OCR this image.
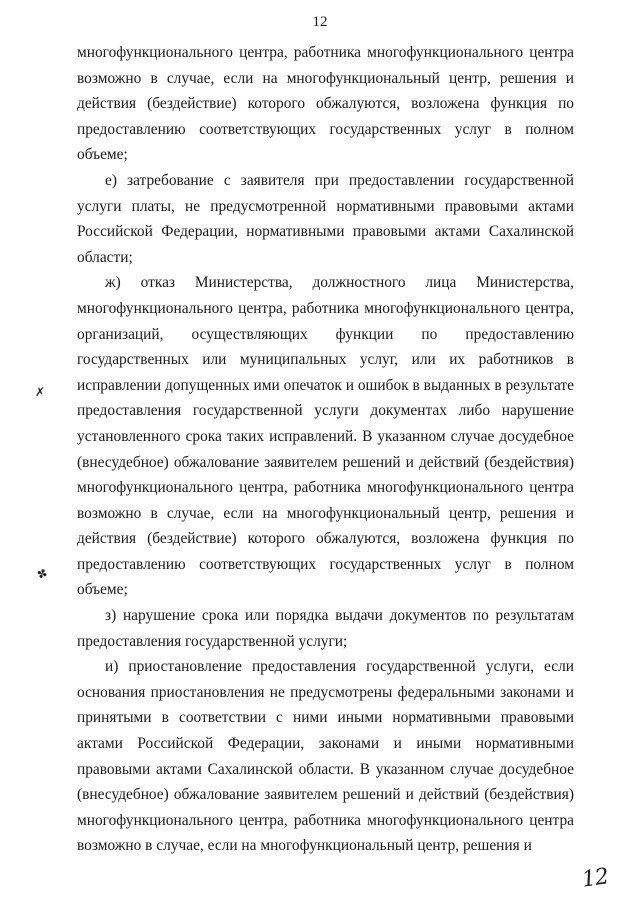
12

многофункционального центра, работника многофункционального центра возможно в случае, если на многофункциональный центр, решения и действия (бездействие) которого обжалуются, возложена функция по предоставлению соответствующих государственных услуг в полном объеме;

е) затребование с заявителя при предоставлении государственной услуги платы, не предусмотренной нормативными правовыми актами Российской Федерации, нормативными правовыми актами Сахалинской области;

ж) отказ Министерства, должностного лица Министерства, многофункционального центра, работника многофункционального центра, организаций, осуществляющих функции по предоставлению государственных или муниципальных услуг, или их работников в исправлении допущенных ими опечаток и ошибок в выданных в результате предоставления государственной услуги документах либо нарушение установленного срока таких исправлений. В указанном случае досудебное (внесудебное) обжалование заявителем решений и действий (бездействия) многофункционального центра, работника многофункционального центра возможно в случае, если на многофункциональный центр, решения и действия (бездействие) которого обжалуются, возложена функция по предоставлению соответствующих государственных услуг в полном объеме;

з) нарушение срока или порядка выдачи документов по результатам предоставления государственной услуги;

и) приостановление предоставления государственной услуги, если основания приостановления не предусмотрены федеральными законами и принятыми в соответствии с ними иными нормативными правовыми актами Российской Федерации, законами и иными нормативными правовыми актами Сахалинской области. В указанном случае досудебное (внесудебное) обжалование заявителем решений и действий (бездействия) многофункционального центра, работника многофункционального центра возможно в случае, если на многофункциональный центр, решения и

✗
✤
12
